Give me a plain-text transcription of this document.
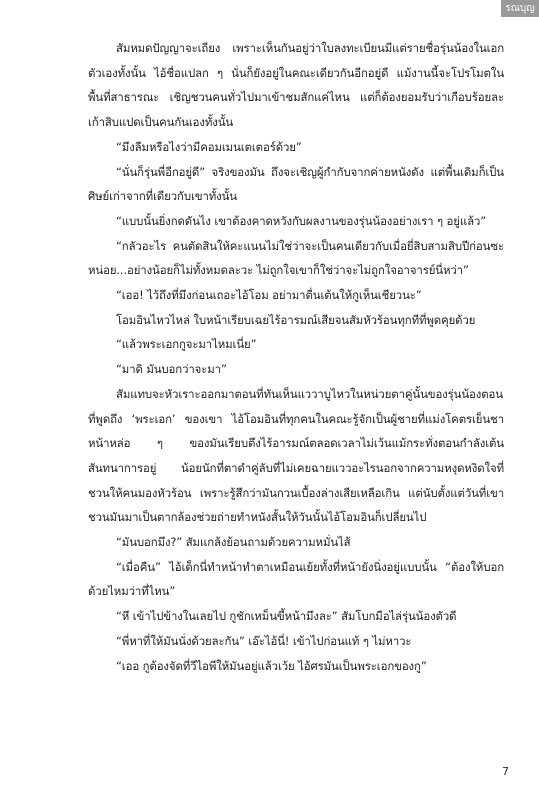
รณบุญ

สัมหมดปัญญาจะเถียง เพราะเห็นกันอยู่ว่าใบลงทะเบียนมีแต่รายชื่อรุ่นน้องในเอกตัวเองทั้งนั้น ไอ้ชื่อแปลก ๆ นั่นก็ยังอยู่ในคณะเดียวกันอีกอยู่ดี แม้งานนี้จะโปรโมตในพื้นที่สาธารณะ เชิญชวนคนทั่วไปมาเข้าชมสักแค่ไหน แต่ก็ต้องยอมรับว่าเกือบร้อยละเก้าสิบแปดเป็นคนกันเองทั้งนั้น

“มึงลืมหรือไงว่ามีคอมเมนเตเตอร์ด้วย”

“นั่นก็รุ่นพี่อีกอยู่ดี” จริงของมัน ถึงจะเชิญผู้กำกับจากค่ายหนังดัง แต่พื้นเดิมก็เป็นศิษย์เก่าจากที่เดียวกับเขาทั้งนั้น

“แบบนั้นยิ่งกดดันไง เขาต้องคาดหวังกับผลงานของรุ่นน้องอย่างเรา ๆ อยู่แล้ว”

“กลัวอะไร คนตัดสินให้คะแนนไม่ใช่ว่าจะเป็นคนเดียวกับเมื่อยี่สิบสามสิบปีก่อนซะหน่อย...อย่างน้อยก็ไม่ทั้งหมดละวะ ไม่ถูกใจเขาก็ใช่ว่าจะไม่ถูกใจอาจารย์นี่หว่า”

“เออ! ไว้ถึงที่มึงก่อนเถอะไอ้โอม อย่ามาตื่นเต้นให้กูเห็นเชียวนะ”

โอมอินไหวไหล่ ใบหน้าเรียบเฉยไร้อารมณ์เสียจนสัมหัวร้อนทุกทีที่พูดคุยด้วย

“แล้วพระเอกกูจะมาไหมเนี่ย”

“มาดิ มันบอกว่าจะมา”

สัมแทบจะหัวเราะออกมาตอนที่ทันเห็นแววาบูไหวในหน่วยตาคู่นั้นของรุ่นน้องตอนที่พูดถึง ‘พระเอก’ ของเขา ไอ้โอมอินที่ทุกคนในคณะรู้จักเป็นผู้ชายที่แม่งโคตรเย็นชา หน้าหล่อ ๆ ของมันเรียบตึงไร้อารมณ์ตลอดเวลาไม่เว้นแม้กระทั่งตอนกำลังเต้นสันทนาการอยู่ น้อยนักที่ตาดำคู่ลับที่ไม่เคยฉายแววอะไรนอกจากความหงุดหงิดใจที่ชวนให้คนมองหัวร้อน เพราะรู้สึกว่ามันกวนเบื้องล่างเสียเหลือเกิน แต่นับตั้งแต่วันที่เขาชวนมันมาเป็นตากล้องช่วยถ่ายทำหนังสั้นให้วันนั้นไอ้โอมอินก็เปลี่ยนไป

“มันบอกมึง?” สัมแกล้งย้อนถามด้วยความหมั่นไส้

“เมื่อคืน” ไอ้เด็กนี่ทำหน้าทำตาเหมือนเย้ยทั้งที่หน้ายังนิ่งอยู่แบบนั้น “ต้องให้บอกด้วยไหมว่าที่ไหน”

“หึ เข้าไปข้างในเลยไป กูชักเหม็นขี้หน้ามึงละ” สัมโบกมือไล่รุ่นน้องตัวดี

“พี่หาที่ให้มันนั่งด้วยละกัน” เอ๊ะไอ้นี่! เข้าไปก่อนแท้ ๆ ไม่หาวะ

“เออ กูต้องจัดที่วีไอพีให้มันอยู่แล้วเว้ย ไอ้ศรมันเป็นพระเอกของกู”

7
